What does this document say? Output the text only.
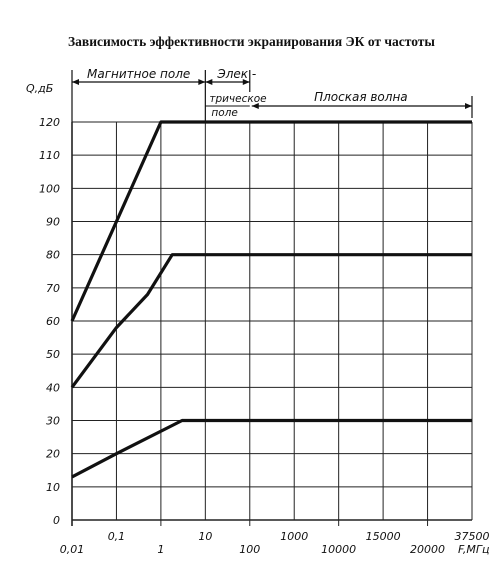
Зависимость эффективности экранирования ЭК от частоты
0
10
20
30
40
50
60
70
80
90
100
110
120
0,01	1	100	10000	20000
0,1	10	1000	15000	37500
Магнитное поле Элек -
трическое
поле
Плоская волна
Q,дБ
F,МГц
